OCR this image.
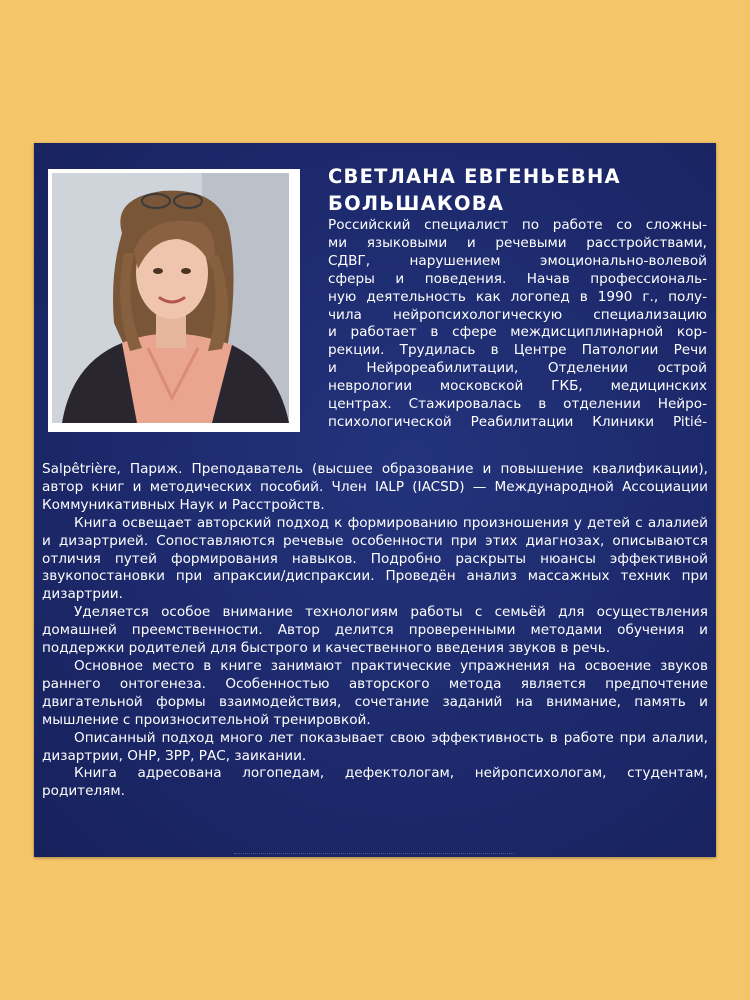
СВЕТЛАНА ЕВГЕНЬЕВНА
БОЛЬШАКОВА
Российский специалист по работе со сложны-
ми языковыми и речевыми расстройствами,
СДВГ, нарушением эмоционально-волевой
сферы и поведения. Начав профессиональ-
ную деятельность как логопед в 1990 г., полу-
чила нейропсихологическую специализацию
и работает в сфере междисциплинарной кор-
рекции. Трудилась в Центре Патологии Речи
и Нейрореабилитации, Отделении острой
неврологии московской ГКБ, медицинских
центрах. Стажировалась в отделении Нейро-
психологической Реабилитации Клиники Pitié-

Salpêtrière, Париж. Преподаватель (высшее образование и повышение квалификации), автор книг и методических пособий. Член IALP (IACSD) — Международной Ассоциации Коммуникативных Наук и Расстройств.

Книга освещает авторский подход к формированию произношения у детей с алалией и дизартрией. Сопоставляются речевые особенности при этих диагнозах, описываются отличия путей формирования навыков. Подробно раскрыты нюансы эффективной звукопостановки при апраксии/диспраксии. Проведён анализ массажных техник при дизартрии.

Уделяется особое внимание технологиям работы с семьёй для осуществления домашней преемственности. Автор делится проверенными методами обучения и поддержки родителей для быстрого и качественного введения звуков в речь.

Основное место в книге занимают практические упражнения на освоение звуков раннего онтогенеза. Особенностью авторского метода является предпочтение двигательной формы взаимодействия, сочетание заданий на внимание, память и мышление с произносительной тренировкой.

Описанный подход много лет показывает свою эффективность в работе при алалии, дизартрии, ОНР, ЗРР, РАС, заикании.

Книга адресована логопедам, дефектологам, нейропсихологам, студентам, родителям.
